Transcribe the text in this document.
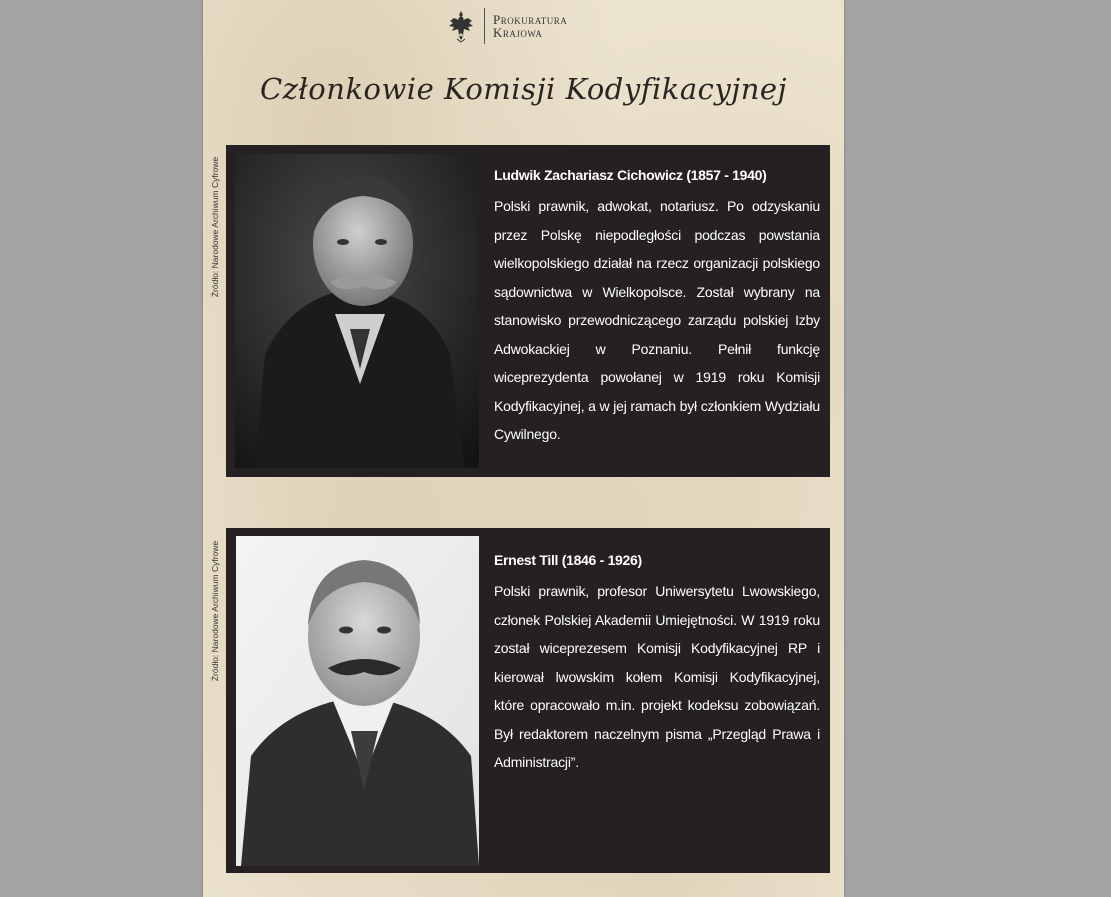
Prokuratura
Krajowa
Członkowie Komisji Kodyfikacyjnej
Źródło: Narodowe Archiwum Cyfrowe	Ludwik Zachariasz Cichowicz (1857 - 1940)

Polski prawnik, adwokat, notariusz. Po odzyskaniu przez Polskę niepodległości podczas powstania wielkopolskiego działał na rzecz organizacji polskiego sądownictwa w Wielkopolsce. Został wybrany na stanowisko przewodniczącego zarządu polskiej Izby Adwokackiej w Poznaniu. Pełnił funkcję wiceprezydenta powołanej w 1919 roku Komisji Kodyfikacyjnej, a w jej ramach był członkiem Wydziału Cywilnego.

Źródło: Narodowe Archiwum Cyfrowe	Ernest Till (1846 - 1926)

Polski prawnik, profesor Uniwersytetu Lwowskiego, członek Polskiej Akademii Umiejętności. W 1919 roku został wiceprezesem Komisji Kodyfikacyjnej RP i kierował lwowskim kołem Komisji Kodyfikacyjnej, które opracowało m.in. projekt kodeksu zobowiązań. Był redaktorem naczelnym pisma „Przegląd Prawa i Administracji”.
